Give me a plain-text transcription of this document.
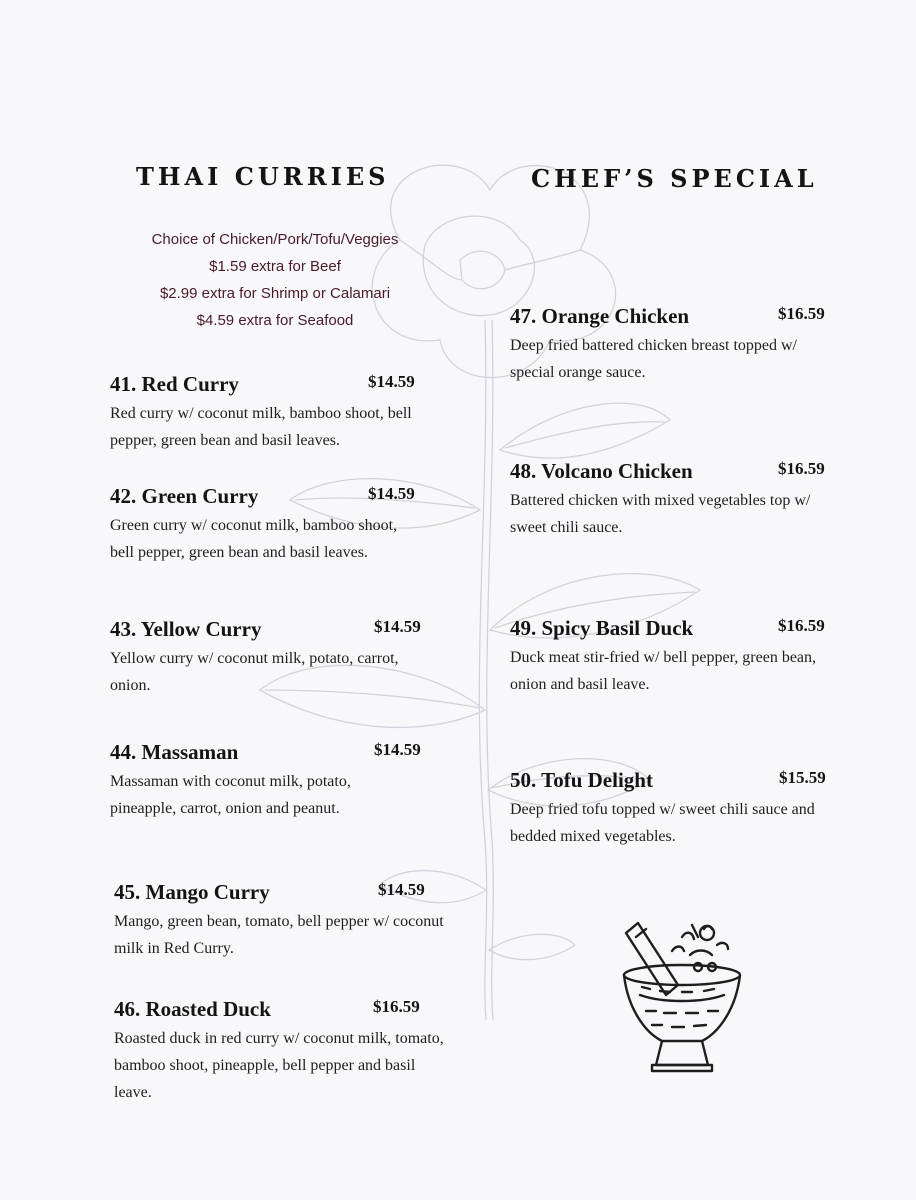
THAI CURRIES
Choice of Chicken/Pork/Tofu/Veggies
$1.59 extra for Beef
$2.99 extra for Shrimp or Calamari
$4.59 extra for Seafood
41. Red Curry	$14.59
Red curry w/ coconut milk, bamboo shoot, bell pepper, green bean and basil leaves.
42. Green Curry	$14.59
Green curry w/ coconut milk, bamboo shoot, bell pepper, green bean and basil leaves.
43. Yellow Curry	$14.59
Yellow curry w/ coconut milk, potato, carrot, onion.
44. Massaman	$14.59
Massaman with coconut milk, potato, pineapple, carrot, onion and peanut.
45. Mango Curry	$14.59
Mango, green bean, tomato, bell pepper w/ coconut milk in Red Curry.
46. Roasted Duck	$16.59
Roasted duck in red curry w/ coconut milk, tomato, bamboo shoot, pineapple, bell pepper and basil leave.
CHEF’S SPECIAL
47. Orange Chicken	$16.59
Deep fried battered chicken breast topped w/ special orange sauce.
48. Volcano Chicken	$16.59
Battered chicken with mixed vegetables top w/ sweet chili sauce.
49. Spicy Basil Duck	$16.59
Duck meat stir-fried w/ bell pepper, green bean, onion and basil leave.
50. Tofu Delight	$15.59
Deep fried tofu topped w/ sweet chili sauce and bedded mixed vegetables.
